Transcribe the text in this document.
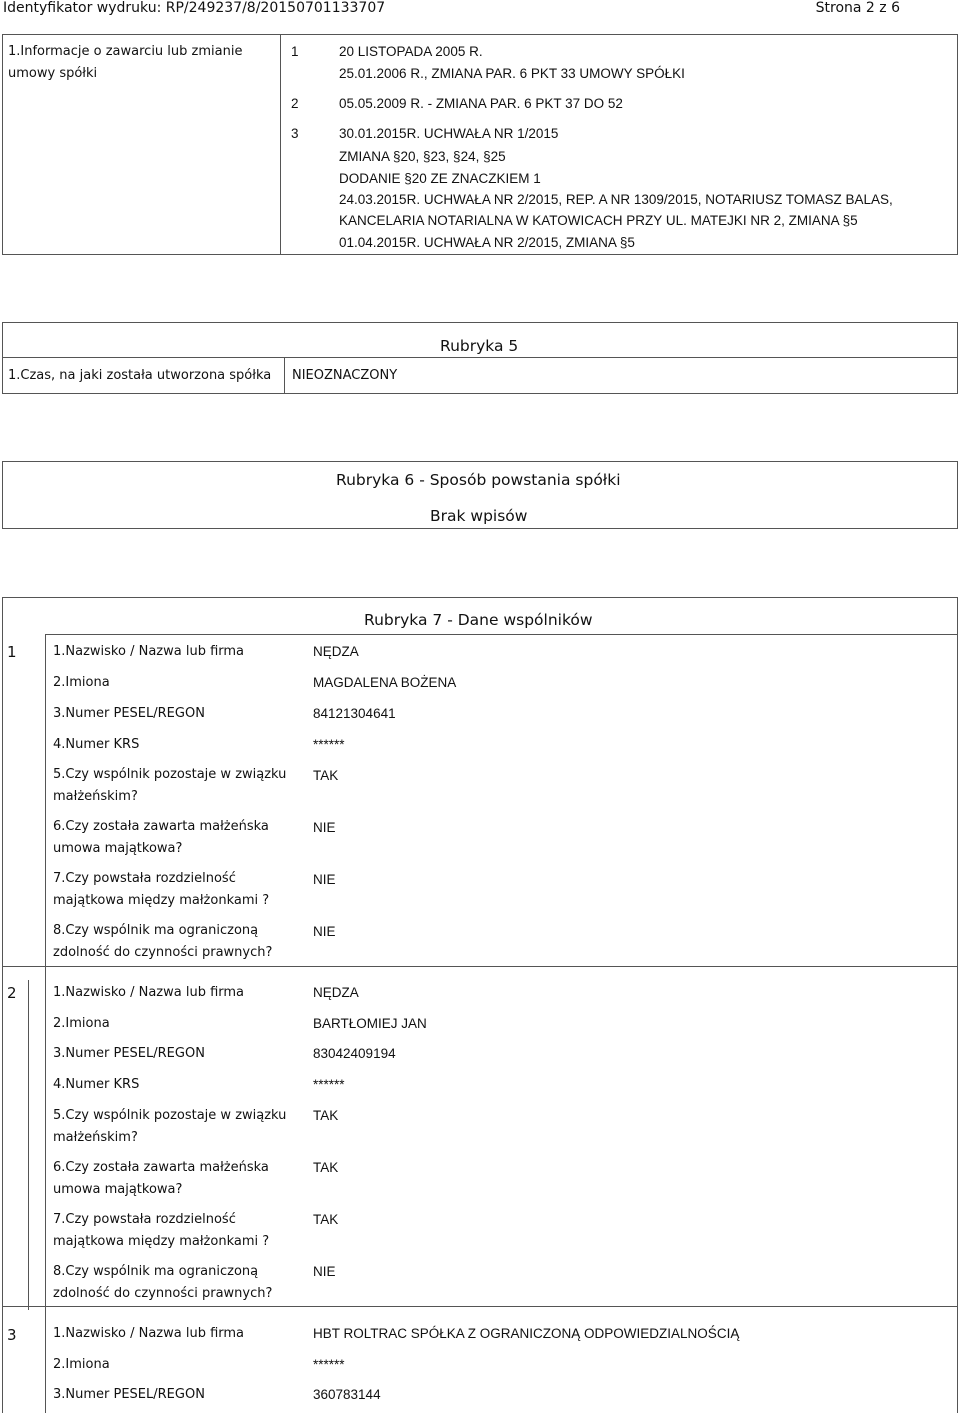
Identyfikator wydruku: RP/249237/8/20150701133707	Strona 2 z 6
1.Informacje o zawarciu lub zmianie
umowy spółki
1	20 LISTOPADA 2005 R.
25.01.2006 R., ZMIANA PAR. 6 PKT 33 UMOWY SPÓŁKI
2	05.05.2009 R. - ZMIANA PAR. 6 PKT 37 DO 52
3	30.01.2015R. UCHWAŁA NR 1/2015
ZMIANA §20, §23, §24, §25
DODANIE §20 ZE ZNACZKIEM 1
24.03.2015R. UCHWAŁA NR 2/2015, REP. A NR 1309/2015, NOTARIUSZ TOMASZ BALAS,
KANCELARIA NOTARIALNA W KATOWICACH PRZY UL. MATEJKI NR 2, ZMIANA §5
01.04.2015R. UCHWAŁA NR 2/2015, ZMIANA §5
Rubryka 5
1.Czas, na jaki została utworzona spółka NIEOZNACZONY
Rubryka 6 - Sposób powstania spółki
Brak wpisów
Rubryka 7 - Dane wspólników
1	1.Nazwisko / Nazwa lub firma	NĘDZA
2.Imiona	MAGDALENA BOŻENA
3.Numer PESEL/REGON	84121304641
4.Numer KRS	******
5.Czy wspólnik pozostaje w związku
małżeńskim?
TAK
6.Czy została zawarta małżeńska
umowa majątkowa?
NIE
7.Czy powstała rozdzielność
majątkowa między małżonkami ?
NIE
8.Czy wspólnik ma ograniczoną
zdolność do czynności prawnych?
NIE
2	1.Nazwisko / Nazwa lub firma	NĘDZA
2.Imiona	BARTŁOMIEJ JAN
3.Numer PESEL/REGON	83042409194
4.Numer KRS	******
5.Czy wspólnik pozostaje w związku
małżeńskim?
TAK
6.Czy została zawarta małżeńska
umowa majątkowa?
TAK
7.Czy powstała rozdzielność
majątkowa między małżonkami ?
TAK
8.Czy wspólnik ma ograniczoną
zdolność do czynności prawnych?
NIE
3	1.Nazwisko / Nazwa lub firma	HBT ROLTRAC SPÓŁKA Z OGRANICZONĄ ODPOWIEDZIALNOŚCIĄ
2.Imiona	******
3.Numer PESEL/REGON	360783144
